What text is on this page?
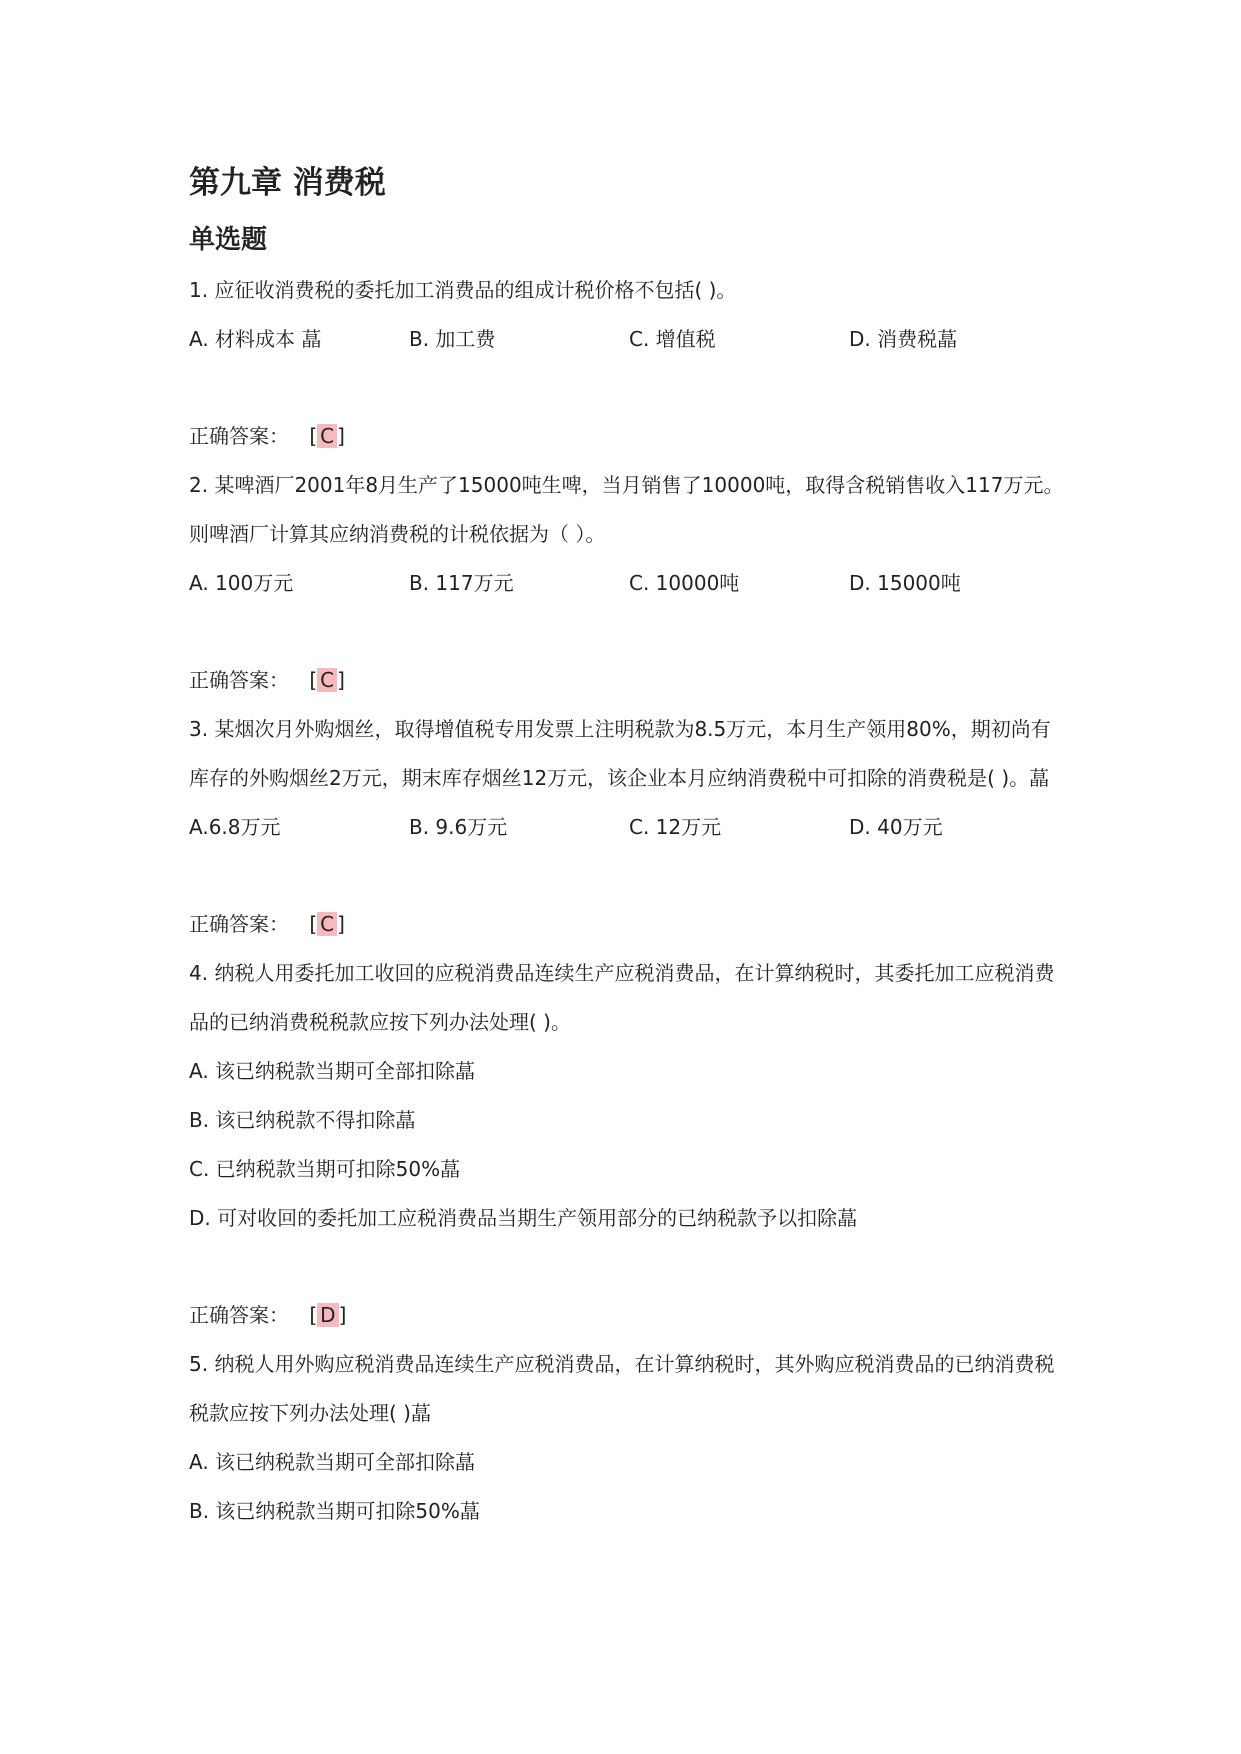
第九章 消费税
单选题
1. 应征收消费税的委托加工消费品的组成计税价格不包括( )。
A. 材料成本 蕌	B. 加工费	C. 增值税	D. 消费税蕌
正确答案： [ C ]
2. 某啤酒厂2001年8月生产了15000吨生啤，当月销售了10000吨，取得含税销售收入117万元。则啤酒厂计算其应纳消费税的计税依据为（ ）。
A. 100万元	B. 117万元	C. 10000吨	D. 15000吨
正确答案： [ C ]
3. 某烟次月外购烟丝，取得增值税专用发票上注明税款为8.5万元，本月生产领用80%，期初尚有库存的外购烟丝2万元，期末库存烟丝12万元，该企业本月应纳消费税中可扣除的消费税是( )。蕌
A.6.8万元	B. 9.6万元	C. 12万元	D. 40万元
正确答案： [ C ]
4. 纳税人用委托加工收回的应税消费品连续生产应税消费品，在计算纳税时，其委托加工应税消费品的已纳消费税税款应按下列办法处理( )。
A. 该已纳税款当期可全部扣除蕌
B. 该已纳税款不得扣除蕌
C. 已纳税款当期可扣除50%蕌
D. 可对收回的委托加工应税消费品当期生产领用部分的已纳税款予以扣除蕌
正确答案： [ D ]
5. 纳税人用外购应税消费品连续生产应税消费品，在计算纳税时，其外购应税消费品的已纳消费税税款应按下列办法处理( )蕌
A. 该已纳税款当期可全部扣除蕌
B. 该已纳税款当期可扣除50%蕌
